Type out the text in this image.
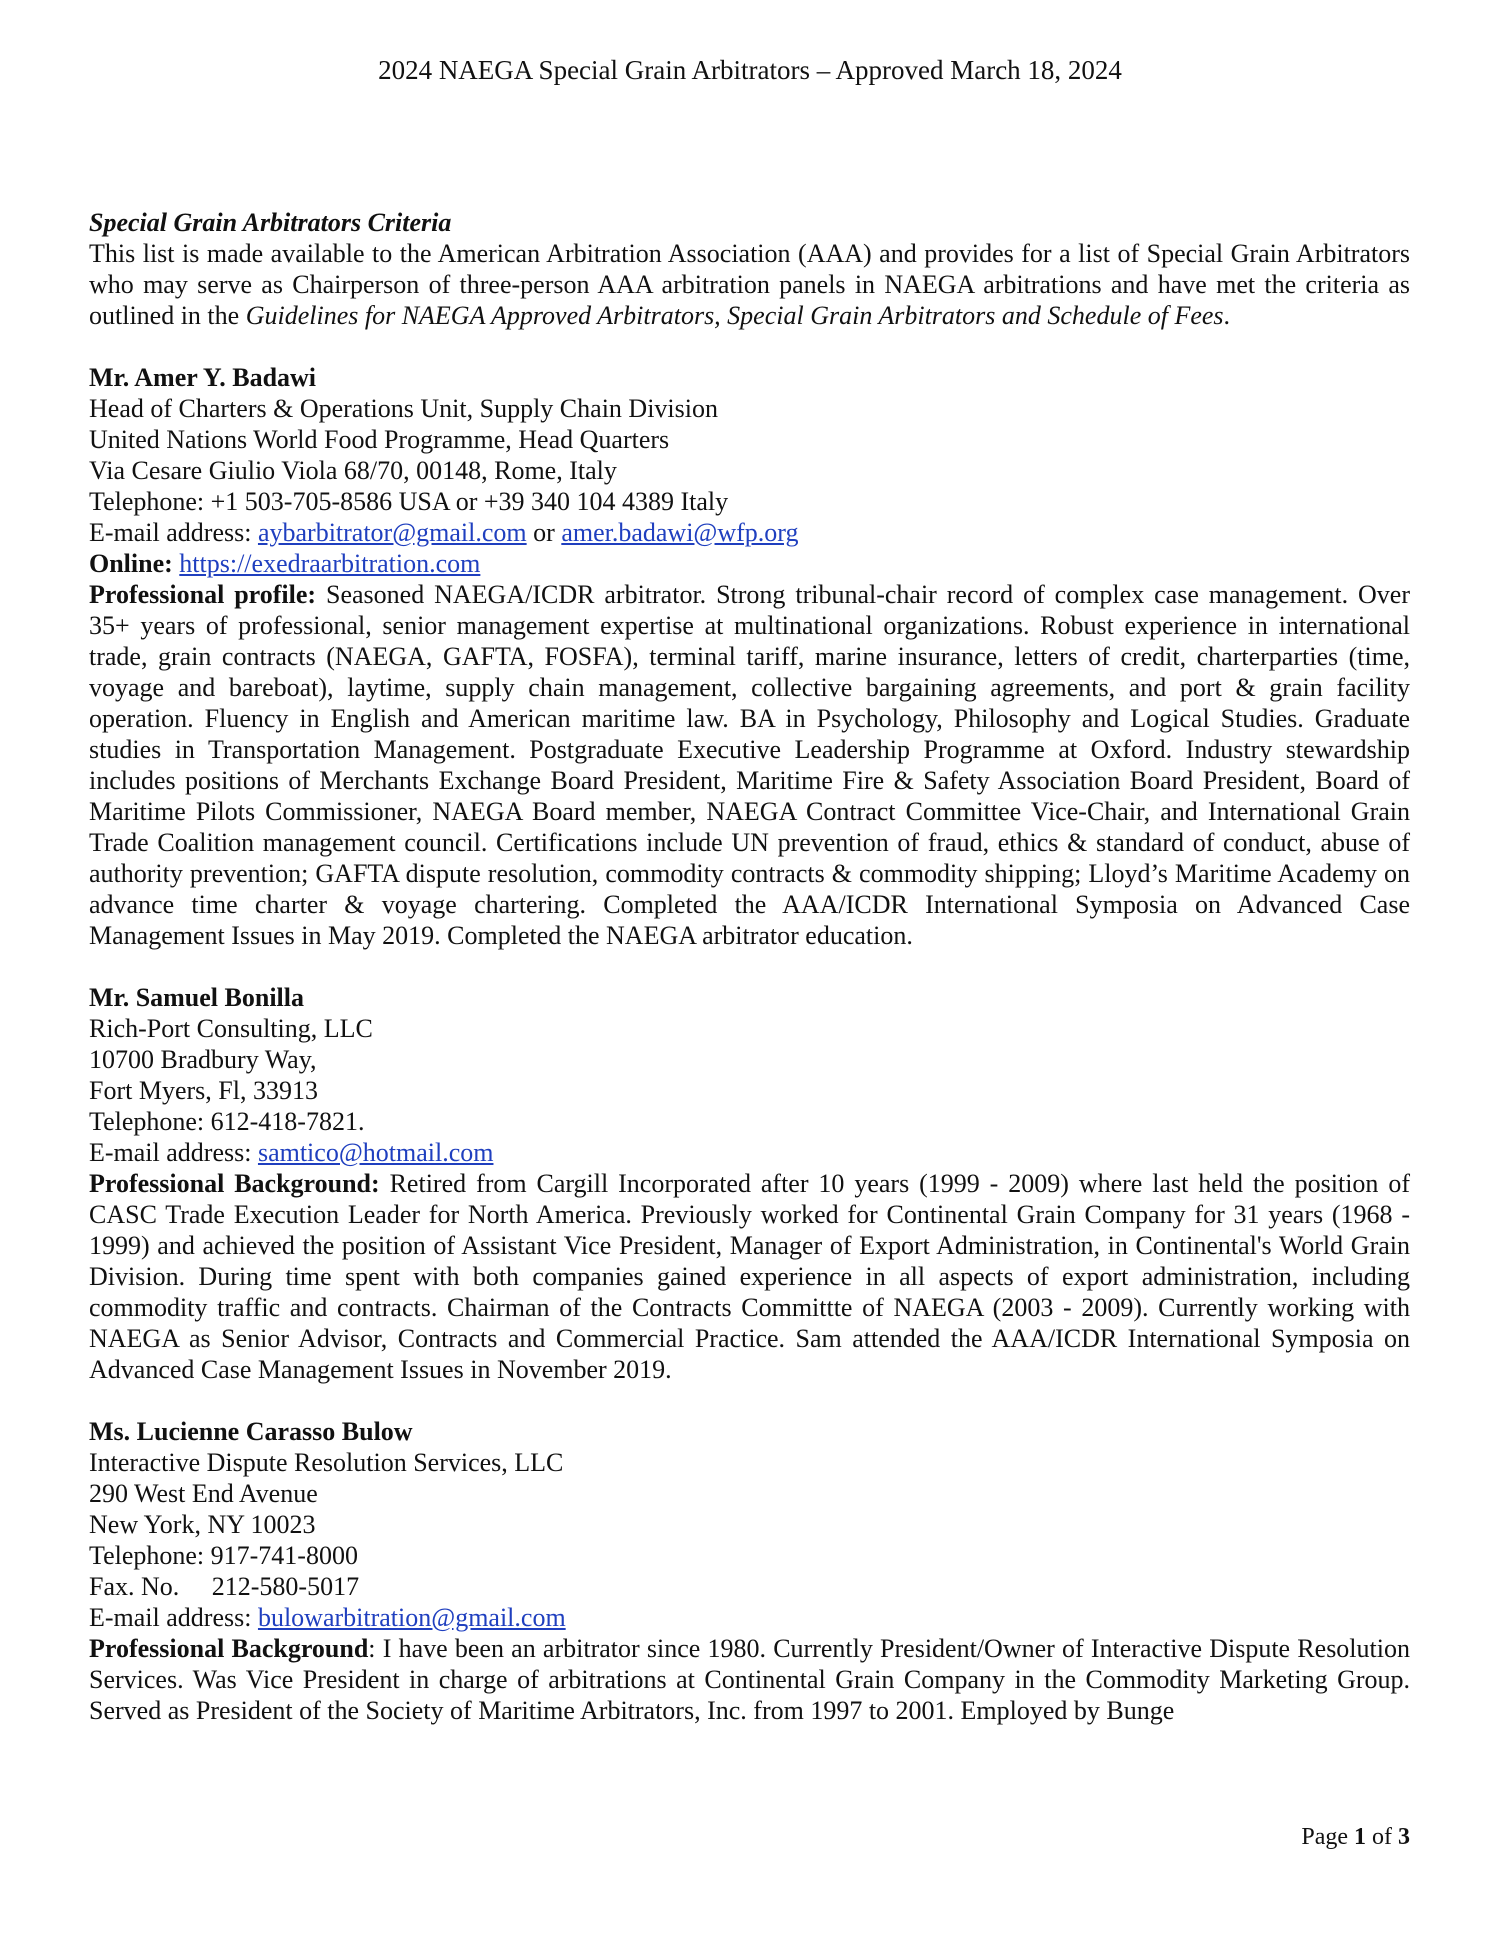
2024 NAEGA Special Grain Arbitrators – Approved March 18, 2024

Special Grain Arbitrators Criteria

This list is made available to the American Arbitration Association (AAA) and provides for a list of Special Grain Arbitrators who may serve as Chairperson of three-person AAA arbitration panels in NAEGA arbitrations and have met the criteria as outlined in the Guidelines for NAEGA Approved Arbitrators, Special Grain Arbitrators and Schedule of Fees.

Mr. Amer Y. Badawi

Head of Charters & Operations Unit, Supply Chain Division

United Nations World Food Programme, Head Quarters

Via Cesare Giulio Viola 68/70, 00148, Rome, Italy

Telephone: +1 503-705-8586 USA or +39 340 104 4389 Italy

E-mail address: aybarbitrator@gmail.com or amer.badawi@wfp.org

Online: https://exedraarbitration.com

Professional profile: Seasoned NAEGA/ICDR arbitrator. Strong tribunal-chair record of complex case management. Over 35+ years of professional, senior management expertise at multinational organizations. Robust experience in international trade, grain contracts (NAEGA, GAFTA, FOSFA), terminal tariff, marine insurance, letters of credit, charterparties (time, voyage and bareboat), laytime, supply chain management, collective bargaining agreements, and port & grain facility operation. Fluency in English and American maritime law. BA in Psychology, Philosophy and Logical Studies. Graduate studies in Transportation Management. Postgraduate Executive Leadership Programme at Oxford. Industry stewardship includes positions of Merchants Exchange Board President, Maritime Fire & Safety Association Board President, Board of Maritime Pilots Commissioner, NAEGA Board member, NAEGA Contract Committee Vice-Chair, and International Grain Trade Coalition management council. Certifications include UN prevention of fraud, ethics & standard of conduct, abuse of authority prevention; GAFTA dispute resolution, commodity contracts & commodity shipping; Lloyd’s Maritime Academy on advance time charter & voyage chartering. Completed the AAA/ICDR International Symposia on Advanced Case Management Issues in May 2019. Completed the NAEGA arbitrator education.

Mr. Samuel Bonilla

Rich-Port Consulting, LLC

10700 Bradbury Way,

Fort Myers, Fl, 33913

Telephone: 612-418-7821.

E-mail address: samtico@hotmail.com

Professional Background: Retired from Cargill Incorporated after 10 years (1999 - 2009) where last held the position of CASC Trade Execution Leader for North America. Previously worked for Continental Grain Company for 31 years (1968 - 1999) and achieved the position of Assistant Vice President, Manager of Export Administration, in Continental's World Grain Division. During time spent with both companies gained experience in all aspects of export administration, including commodity traffic and contracts. Chairman of the Contracts Committte of NAEGA (2003 - 2009). Currently working with NAEGA as Senior Advisor, Contracts and Commercial Practice. Sam attended the AAA/ICDR International Symposia on Advanced Case Management Issues in November 2019.

Ms. Lucienne Carasso Bulow

Interactive Dispute Resolution Services, LLC

290 West End Avenue

New York, NY 10023

Telephone: 917-741-8000

Fax. No.     212-580-5017

E-mail address: bulowarbitration@gmail.com

Professional Background: I have been an arbitrator since 1980. Currently President/Owner of Interactive Dispute Resolution Services. Was Vice President in charge of arbitrations at Continental Grain Company in the Commodity Marketing Group. Served as President of the Society of Maritime Arbitrators, Inc. from 1997 to 2001. Employed by Bunge

Page 1 of 3
